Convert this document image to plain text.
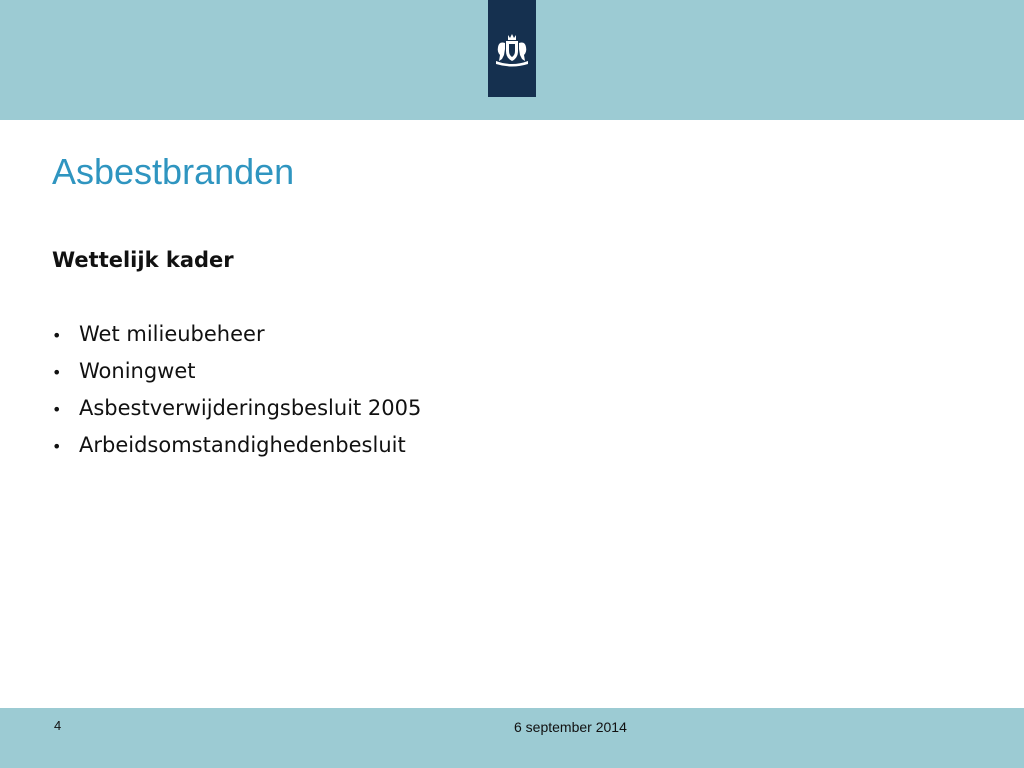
Asbestbranden
Wettelijk kader
• Wet milieubeheer
• Woningwet
• Asbestverwijderingsbesluit 2005
• Arbeidsomstandighedenbesluit
4	6 september 2014
